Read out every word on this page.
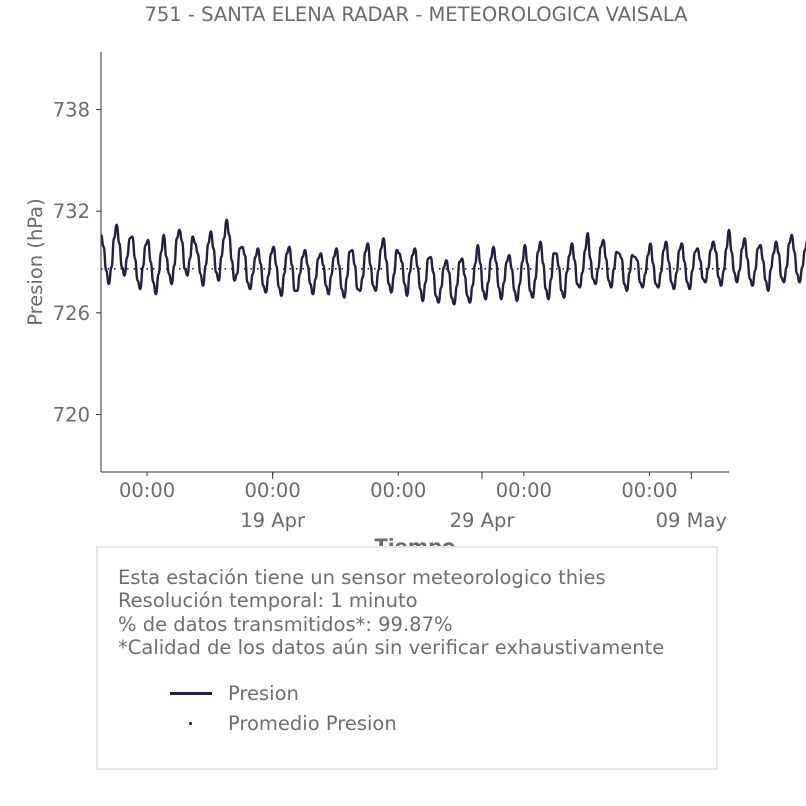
751 - SANTA ELENA RADAR - METEOROLOGICA VAISALA
Presion (hPa)
720
726
732
738
00:00	00:00	00:00	00:00	00:00
19 Apr	29 Apr	09 May
Esta estación tiene un sensor meteorologico thies
Resolución temporal: 1 minuto
% de datos transmitidos*: 99.87%
*Calidad de los datos aún sin verificar exhaustivamente
Presion
Promedio Presion
